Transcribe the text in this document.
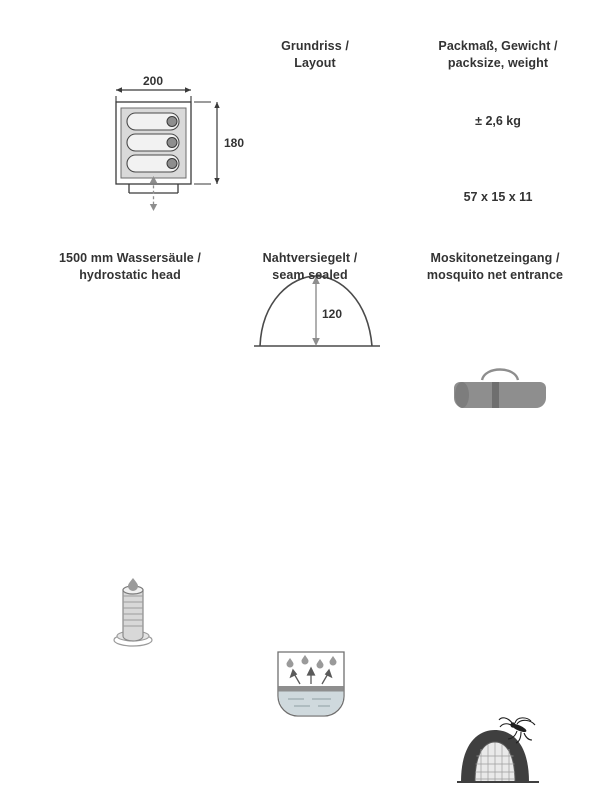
200
180
Grundriss /
Layout
120
Packmaß, Gewicht /
packsize, weight
± 2,6 kg
57 x 15 x 11
1500 mm Wassersäule /
hydrostatic head
Nahtversiegelt /
seam sealed
Moskitonetzeingang /
mosquito net entrance
